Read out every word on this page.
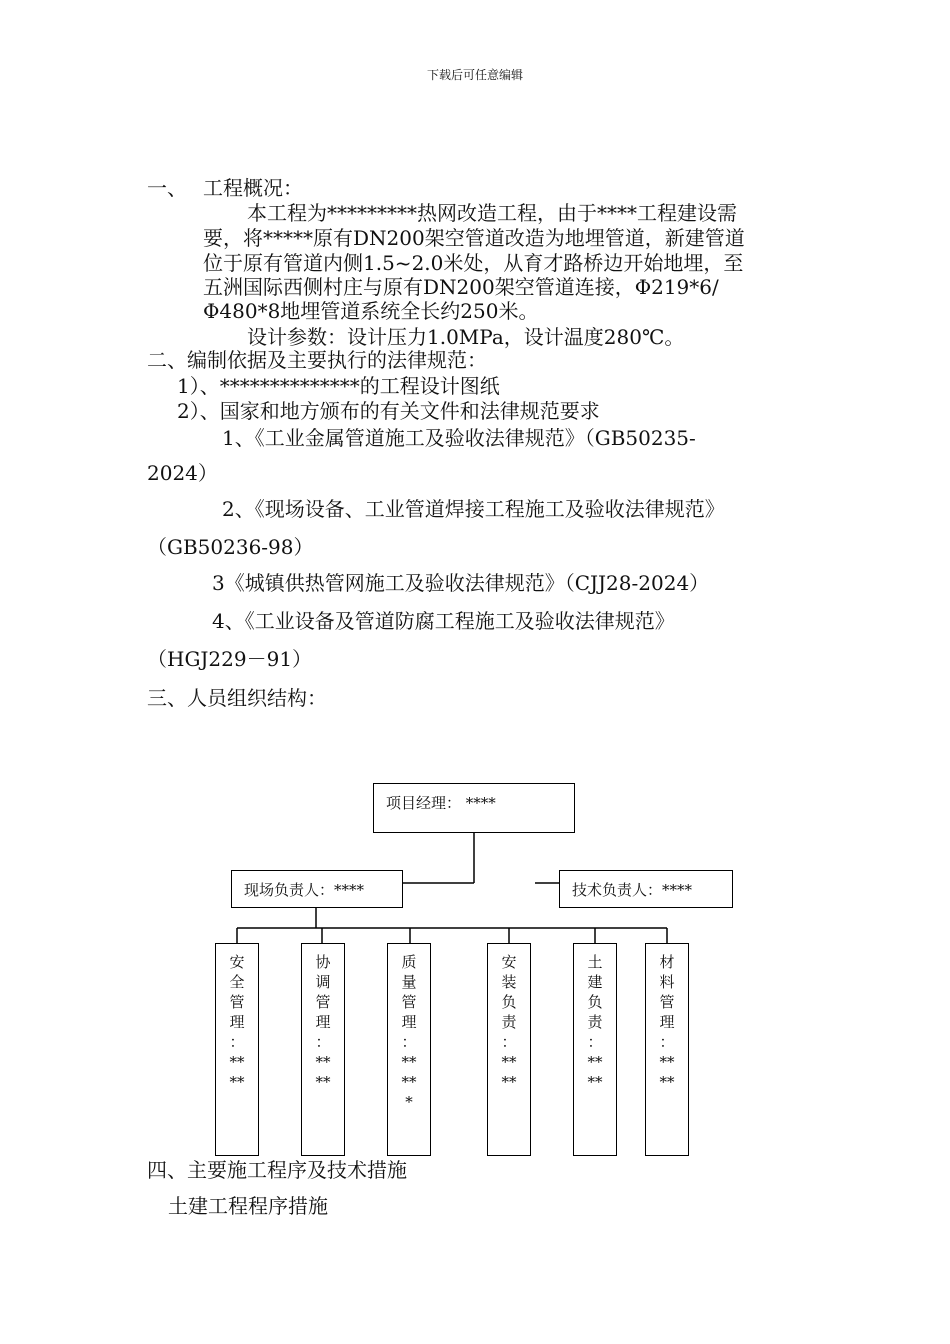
下载后可任意编辑
一、 工程概况：
本工程为*********热网改造工程，由于****工程建设需
要，将*****原有DN200架空管道改造为地埋管道，新建管道
位于原有管道内侧1.5~2.0米处，从育才路桥边开始地埋，至
五洲国际西侧村庄与原有DN200架空管道连接，Φ219*6/
Φ480*8地埋管道系统全长约250米。
设计参数：设计压力1.0MPa，设计温度280℃。
二、编制依据及主要执行的法律规范：
1）、**************的工程设计图纸
2）、国家和地方颁布的有关文件和法律规范要求
1、《工业金属管道施工及验收法律规范》（GB50235-
2024）
2、《现场设备、工业管道焊接工程施工及验收法律规范》
（GB50236-98）
3《城镇供热管网施工及验收法律规范》（CJJ28-2024）
4、《工业设备及管道防腐工程施工及验收法律规范》
（HGJ229－91）
三、人员组织结构：
项目经理： ****
现场负责人：****	技术负责人：****
安
全
管
理
：
**
**
协
调
管
理
：
**
**
质
量
管
理
：
**
**
*
安
装
负
责
：
**
**
土
建
负
责
：
**
**
材
料
管
理
：
**
**
四、主要施工程序及技术措施
土建工程程序措施
